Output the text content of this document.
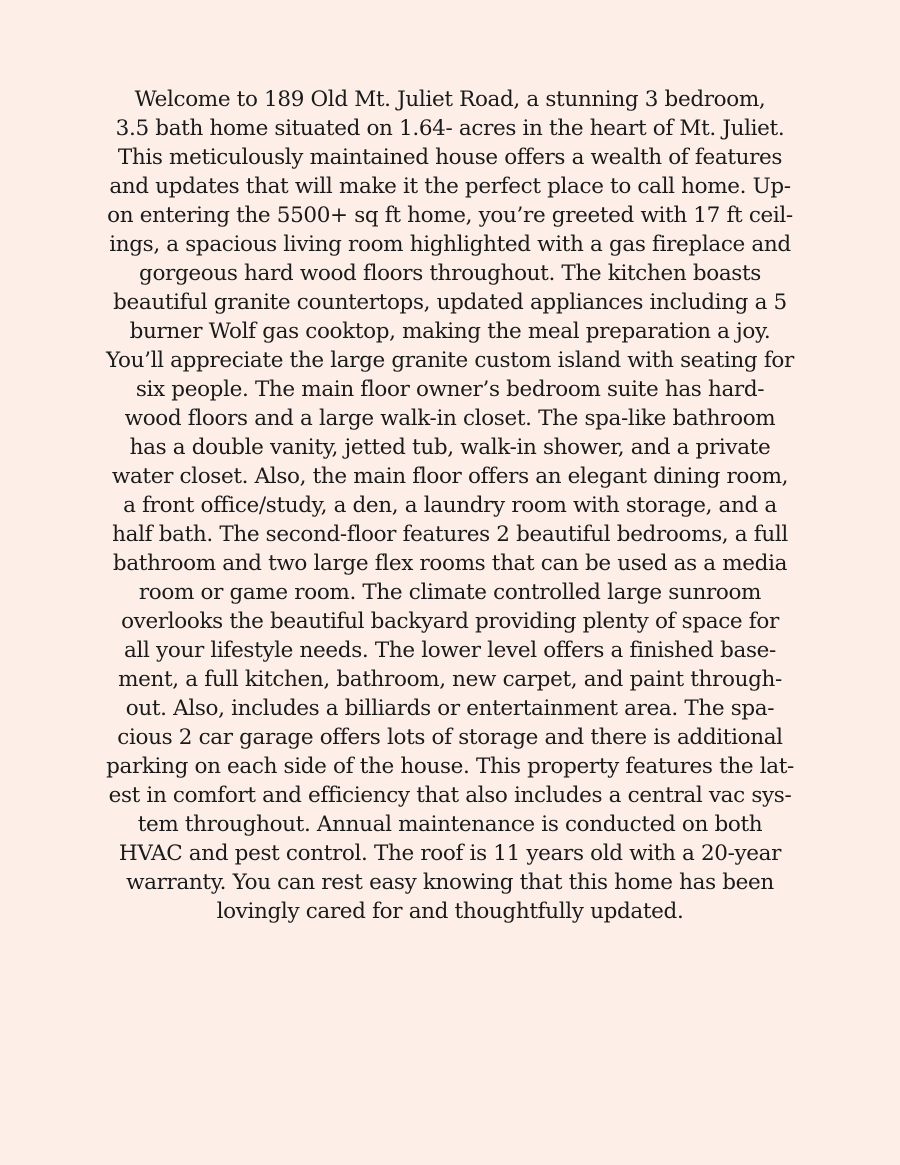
Welcome to 189 Old Mt. Juliet Road, a stunning 3 bedroom,
3.5 bath home situated on 1.64- acres in the heart of Mt. Juliet.
This meticulously maintained house offers a wealth of features
and updates that will make it the perfect place to call home. Up-
on entering the 5500+ sq ft home, you’re greeted with 17 ft ceil-
ings, a spacious living room highlighted with a gas fireplace and
gorgeous hard wood floors throughout. The kitchen boasts
beautiful granite countertops, updated appliances including a 5
burner Wolf gas cooktop, making the meal preparation a joy.
You’ll appreciate the large granite custom island with seating for
six people. The main floor owner’s bedroom suite has hard-
wood floors and a large walk-in closet. The spa-like bathroom
has a double vanity, jetted tub, walk-in shower, and a private
water closet. Also, the main floor offers an elegant dining room,
a front office/study, a den, a laundry room with storage, and a
half bath. The second-floor features 2 beautiful bedrooms, a full
bathroom and two large flex rooms that can be used as a media
room or game room. The climate controlled large sunroom
overlooks the beautiful backyard providing plenty of space for
all your lifestyle needs. The lower level offers a finished base-
ment, a full kitchen, bathroom, new carpet, and paint through-
out. Also, includes a billiards or entertainment area. The spa-
cious 2 car garage offers lots of storage and there is additional
parking on each side of the house. This property features the lat-
est in comfort and efficiency that also includes a central vac sys-
tem throughout. Annual maintenance is conducted on both
HVAC and pest control. The roof is 11 years old with a 20-year
warranty. You can rest easy knowing that this home has been
lovingly cared for and thoughtfully updated.
